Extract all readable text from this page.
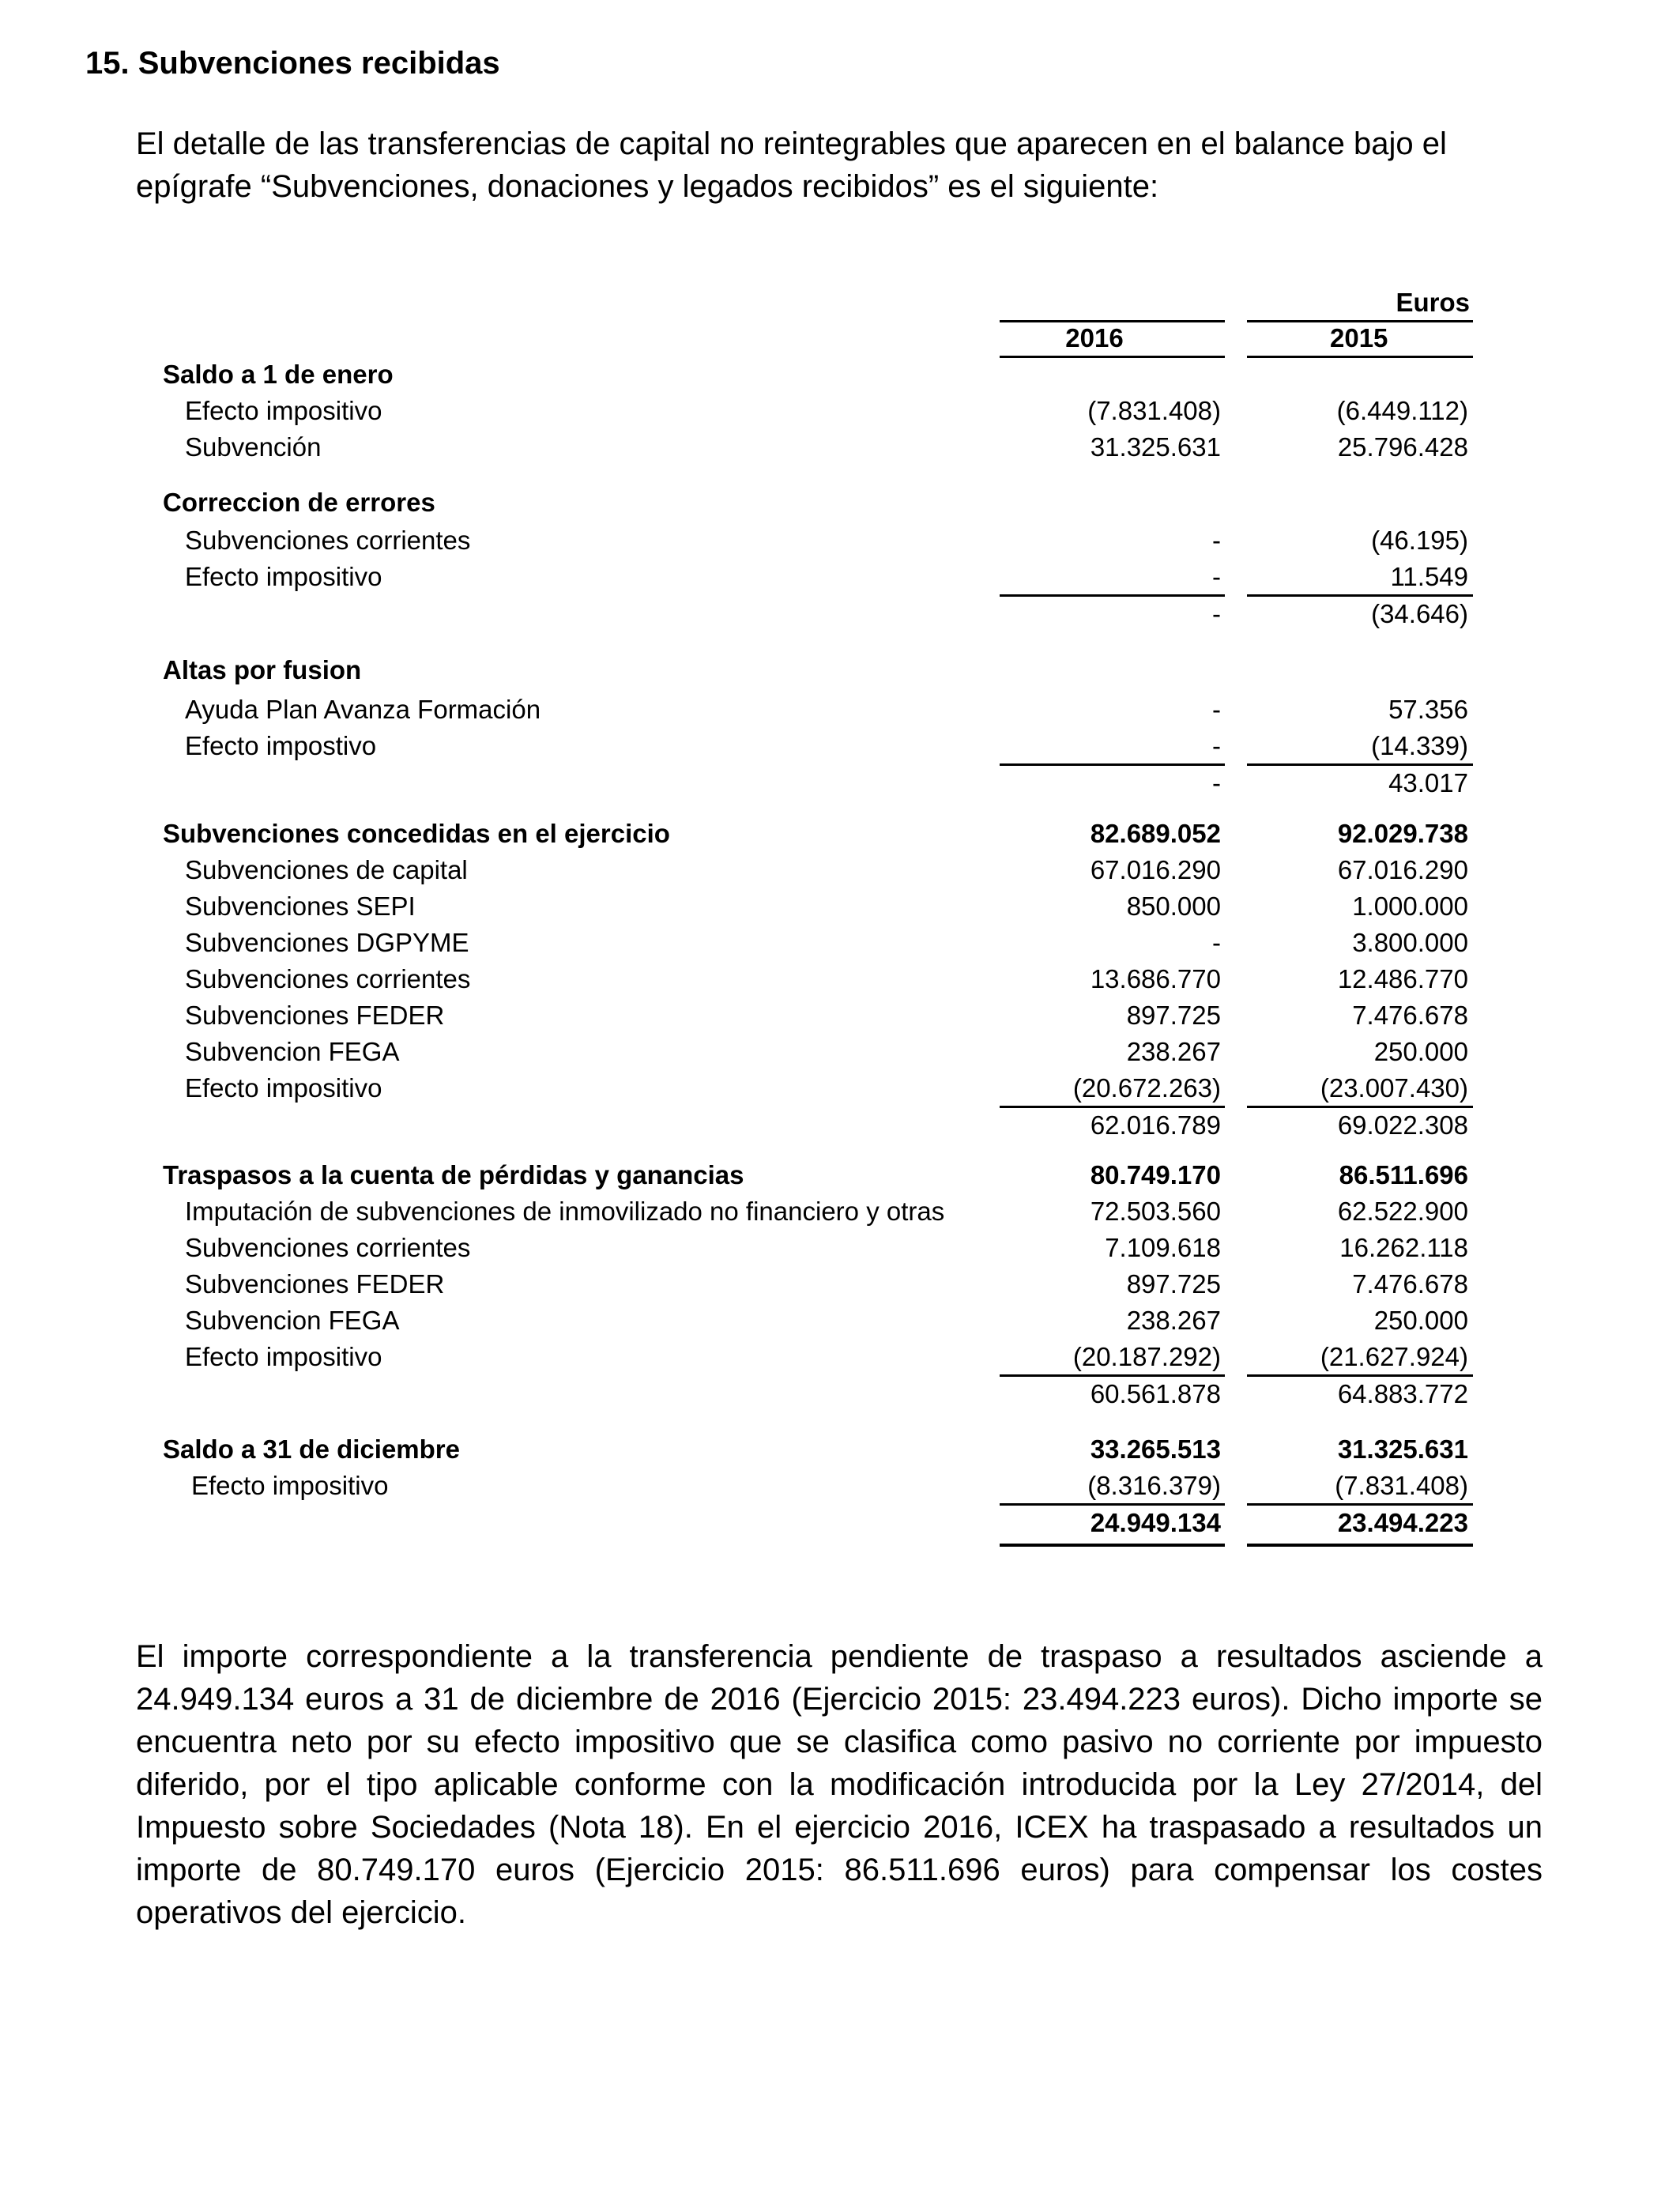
15. Subvenciones recibidas

El detalle de las transferencias de capital no reintegrables que aparecen en el balance bajo el epígrafe “Subvenciones, donaciones y legados recibidos” es el siguiente:

Euros
2016	2015
Saldo a 1 de enero
Efecto impositivo	(7.831.408)	(6.449.112)
Subvención	31.325.631	25.796.428
Correccion de errores
Subvenciones corrientes	-	(46.195)
Efecto impositivo	-	11.549
-	(34.646)
Altas por fusion
Ayuda Plan Avanza Formación	-	57.356
Efecto impostivo	-	(14.339)
-	43.017
Subvenciones concedidas en el ejercicio	82.689.052	92.029.738
Subvenciones de capital	67.016.290	67.016.290
Subvenciones SEPI	850.000	1.000.000
Subvenciones DGPYME	-	3.800.000
Subvenciones corrientes	13.686.770	12.486.770
Subvenciones FEDER	897.725	7.476.678
Subvencion FEGA	238.267	250.000
Efecto impositivo	(20.672.263)	(23.007.430)
62.016.789	69.022.308
Traspasos a la cuenta de pérdidas y ganancias	80.749.170	86.511.696
Imputación de subvenciones de inmovilizado no financiero y otras	72.503.560	62.522.900
Subvenciones corrientes	7.109.618	16.262.118
Subvenciones FEDER	897.725	7.476.678
Subvencion FEGA	238.267	250.000
Efecto impositivo	(20.187.292)	(21.627.924)
60.561.878	64.883.772
Saldo a 31 de diciembre	33.265.513	31.325.631
Efecto impositivo	(8.316.379)	(7.831.408)
24.949.134	23.494.223

El importe correspondiente a la transferencia pendiente de traspaso a resultados asciende a 24.949.134 euros a 31 de diciembre de 2016 (Ejercicio 2015: 23.494.223 euros). Dicho importe se encuentra neto por su efecto impositivo que se clasifica como pasivo no corriente por impuesto diferido, por el tipo aplicable conforme con la modificación introducida por la Ley 27/2014, del Impuesto sobre Sociedades (Nota 18). En el ejercicio 2016, ICEX ha traspasado a resultados un importe de 80.749.170 euros (Ejercicio 2015: 86.511.696 euros) para compensar los costes operativos del ejercicio.
